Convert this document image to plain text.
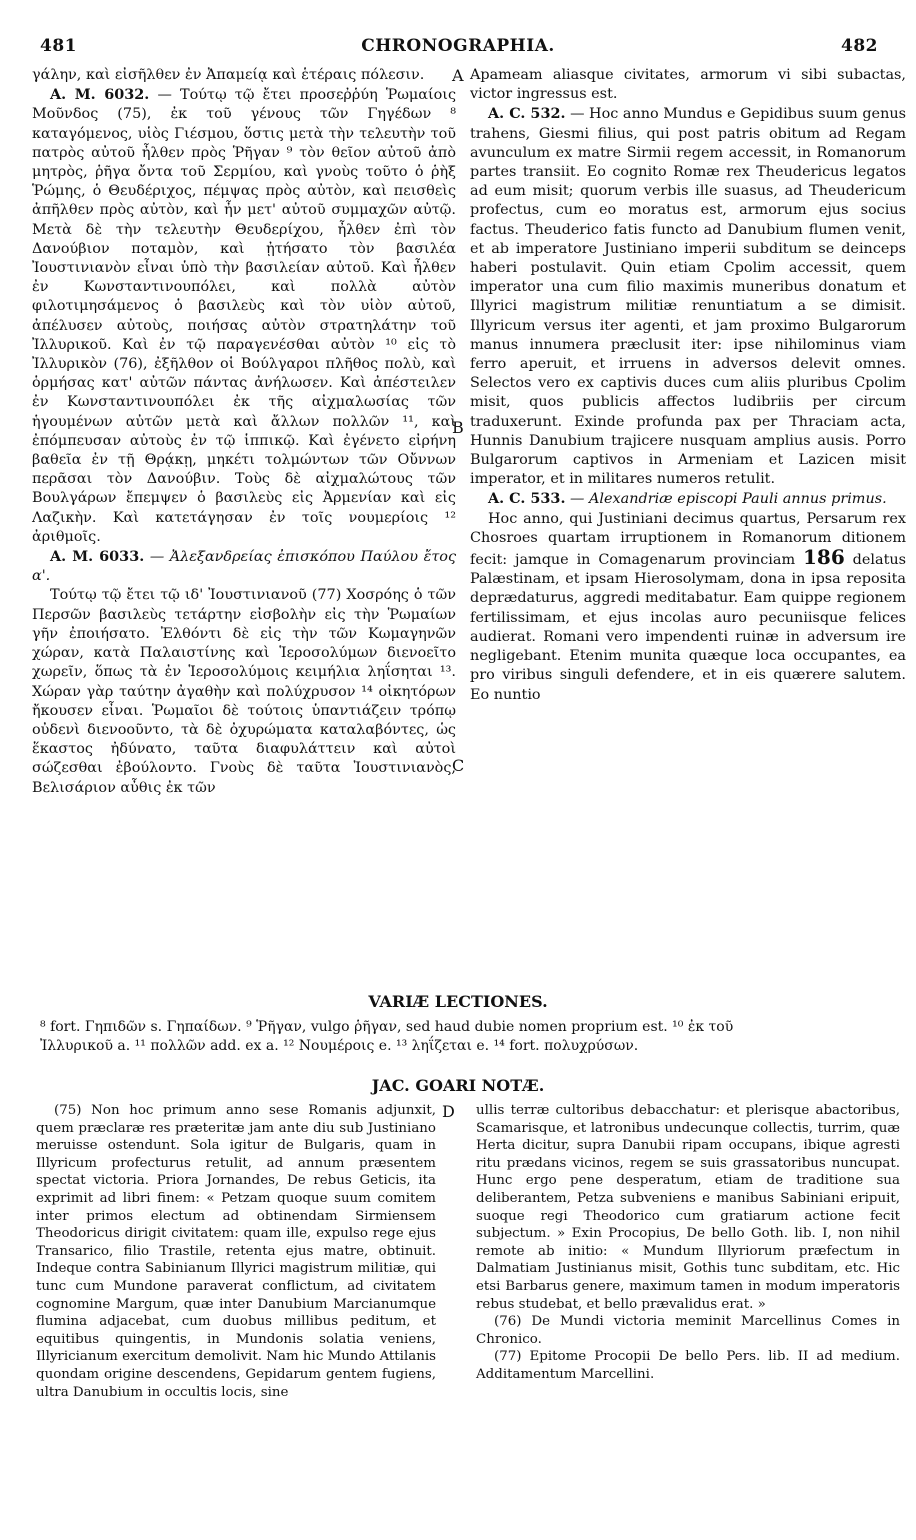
481	CHRONOGRAPHIA.	482

γάλην, καὶ εἰσῆλθεν ἐν Ἀπαμείᾳ καὶ ἑτέραις πόλεσιν.

A. M. 6032. — Τούτῳ τῷ ἔτει προσεῤῥύη Ῥωμαίοις Μοῦνδος (75), ἐκ τοῦ γένους τῶν Γηγέδων ⁸ καταγόμενος, υἱὸς Γιέσμου, ὅστις μετὰ τὴν τελευτὴν τοῦ πατρὸς αὐτοῦ ἦλθεν πρὸς Ῥῆγαν ⁹ τὸν θεῖον αὐτοῦ ἀπὸ μητρὸς, ῥῆγα ὄντα τοῦ Σερμίου, καὶ γνοὺς τοῦτο ὁ ῥὴξ Ῥώμης, ὁ Θευδέριχος, πέμψας πρὸς αὐτὸν, καὶ πεισθεὶς ἀπῆλθεν πρὸς αὐτὸν, καὶ ἦν μετ' αὐτοῦ συμμαχῶν αὐτῷ. Μετὰ δὲ τὴν τελευτὴν Θευδερίχου, ἦλθεν ἐπὶ τὸν Δανούβιον ποταμὸν, καὶ ᾐτήσατο τὸν βασιλέα Ἰουστινιανὸν εἶναι ὑπὸ τὴν βασιλείαν αὐτοῦ. Καὶ ἦλθεν ἐν Κωνσταντινουπόλει, καὶ πολλὰ αὐτὸν φιλοτιμησάμενος ὁ βασιλεὺς καὶ τὸν υἱὸν αὐτοῦ, ἀπέλυσεν αὐτοὺς, ποιήσας αὐτὸν στρατηλάτην τοῦ Ἰλλυρικοῦ. Καὶ ἐν τῷ παραγενέσθαι αὐτὸν ¹⁰ εἰς τὸ Ἰλλυρικὸν (76), ἐξῆλθον οἱ Βούλγαροι πλῆθος πολὺ, καὶ ὁρμήσας κατ' αὐτῶν πάντας ἀνήλωσεν. Καὶ ἀπέστειλεν ἐν Κωνσταντινουπόλει ἐκ τῆς αἰχμαλωσίας τῶν ἡγουμένων αὐτῶν μετὰ καὶ ἄλλων πολλῶν ¹¹, καὶ ἐπόμπευσαν αὐτοὺς ἐν τῷ ἱππικῷ. Καὶ ἐγένετο εἰρήνη βαθεῖα ἐν τῇ Θρᾴκῃ, μηκέτι τολμώντων τῶν Οὔννων περᾶσαι τὸν Δανούβιν. Τοὺς δὲ αἰχμαλώτους τῶν Βουλγάρων ἔπεμψεν ὁ βασιλεὺς εἰς Ἀρμενίαν καὶ εἰς Λαζικὴν. Καὶ κατετάγησαν ἐν τοῖς νουμερίοις ¹² ἀριθμοῖς.

A. M. 6033. — Ἀλεξανδρείας ἐπισκόπου Παύλου ἔτος α'.

Τούτῳ τῷ ἔτει τῷ ιδ' Ἰουστινιανοῦ (77) Χοσρόης ὁ τῶν Περσῶν βασιλεὺς τετάρτην εἰσβολὴν εἰς τὴν Ῥωμαίων γῆν ἐποιήσατο. Ἐλθόντι δὲ εἰς τὴν τῶν Κωμαγηνῶν χώραν, κατὰ Παλαιστίνης καὶ Ἱεροσολύμων διενοεῖτο χωρεῖν, ὅπως τὰ ἐν Ἱεροσολύμοις κειμήλια ληΐσηται ¹³. Χώραν γὰρ ταύτην ἀγαθὴν καὶ πολύχρυσον ¹⁴ οἰκητόρων ἤκουσεν εἶναι. Ῥωμαῖοι δὲ τούτοις ὑπαντιάζειν τρόπῳ οὐδενὶ διενοοῦντο, τὰ δὲ ὀχυρώματα καταλαβόντες, ὡς ἕκαστος ἠδύνατο, ταῦτα διαφυλάττειν καὶ αὐτοὶ σώζεσθαι ἐβούλοντο. Γνοὺς δὲ ταῦτα Ἰουστινιανὸς, Βελισάριον αὖθις ἐκ τῶν

A
B
C

Apameam aliasque civitates, armorum vi sibi subactas, victor ingressus est.

A. C. 532. — Hoc anno Mundus e Gepidibus suum genus trahens, Giesmi filius, qui post patris obitum ad Regam avunculum ex matre Sirmii regem accessit, in Romanorum partes transiit. Eo cognito Romæ rex Theudericus legatos ad eum misit; quorum verbis ille suasus, ad Theudericum profectus, cum eo moratus est, armorum ejus socius factus. Theuderico fatis functo ad Danubium flumen venit, et ab imperatore Justiniano imperii subditum se deinceps haberi postulavit. Quin etiam Cpolim accessit, quem imperator una cum filio maximis muneribus donatum et Illyrici magistrum militiæ renuntiatum a se dimisit. Illyricum versus iter agenti, et jam proximo Bulgarorum manus innumera præclusit iter: ipse nihilominus viam ferro aperuit, et irruens in adversos delevit omnes. Selectos vero ex captivis duces cum aliis pluribus Cpolim misit, quos publicis affectos ludibriis per circum traduxerunt. Exinde profunda pax per Thraciam acta, Hunnis Danubium trajicere nusquam amplius ausis. Porro Bulgarorum captivos in Armeniam et Lazicen misit imperator, et in militares numeros retulit.

A. C. 533. — Alexandriæ episcopi Pauli annus primus.

Hoc anno, qui Justiniani decimus quartus, Persarum rex Chosroes quartam irruptionem in Romanorum ditionem fecit: jamque in Comagenarum provinciam 186 delatus Palæstinam, et ipsam Hierosolymam, dona in ipsa reposita deprædaturus, aggredi meditabatur. Eam quippe regionem fertilissimam, et ejus incolas auro pecuniisque felices audierat. Romani vero impendenti ruinæ in adversum ire negligebant. Etenim munita quæque loca occupantes, ea pro viribus singuli defendere, et in eis quærere salutem. Eo nuntio

VARIÆ LECTIONES.

⁸ fort. Γηπιδῶν s. Γηπαίδων. ⁹ Ῥῆγαν, vulgo ῥῆγαν, sed haud dubie nomen proprium est. ¹⁰ ἐκ τοῦ

Ἰλλυρικοῦ a. ¹¹ πολλῶν add. ex a. ¹² Νουμέροις e. ¹³ ληΐζεται e. ¹⁴ fort. πολυχρύσων.

JAC. GOARI NOTÆ.
D

(75) Non hoc primum anno sese Romanis adjunxit, quem præclaræ res præteritæ jam ante diu sub Justiniano meruisse ostendunt. Sola igitur de Bulgaris, quam in Illyricum profecturus retulit, ad annum præsentem spectat victoria. Priora Jornandes, De rebus Geticis, ita exprimit ad libri finem: « Petzam quoque suum comitem inter primos electum ad obtinendam Sirmiensem Theodoricus dirigit civitatem: quam ille, expulso rege ejus Transarico, filio Trastile, retenta ejus matre, obtinuit. Indeque contra Sabinianum Illyrici magistrum militiæ, qui tunc cum Mundone paraverat conflictum, ad civitatem cognomine Margum, quæ inter Danubium Marcianumque flumina adjacebat, cum duobus millibus peditum, et equitibus quingentis, in Mundonis solatia veniens, Illyricianum exercitum demolivit. Nam hic Mundo Attilanis quondam origine descendens, Gepidarum gentem fugiens, ultra Danubium in occultis locis, sine

ullis terræ cultoribus debacchatur: et plerisque abactoribus, Scamarisque, et latronibus undecunque collectis, turrim, quæ Herta dicitur, supra Danubii ripam occupans, ibique agresti ritu prædans vicinos, regem se suis grassatoribus nuncupat. Hunc ergo pene desperatum, etiam de traditione sua deliberantem, Petza subveniens e manibus Sabiniani eripuit, suoque regi Theodorico cum gratiarum actione fecit subjectum. » Exin Procopius, De bello Goth. lib. I, non nihil remote ab initio: « Mundum Illyriorum præfectum in Dalmatiam Justinianus misit, Gothis tunc subditam, etc. Hic etsi Barbarus genere, maximum tamen in modum imperatoris rebus studebat, et bello prævalidus erat. »

(76) De Mundi victoria meminit Marcellinus Comes in Chronico.

(77) Epitome Procopii De bello Pers. lib. II ad medium. Additamentum Marcellini.
